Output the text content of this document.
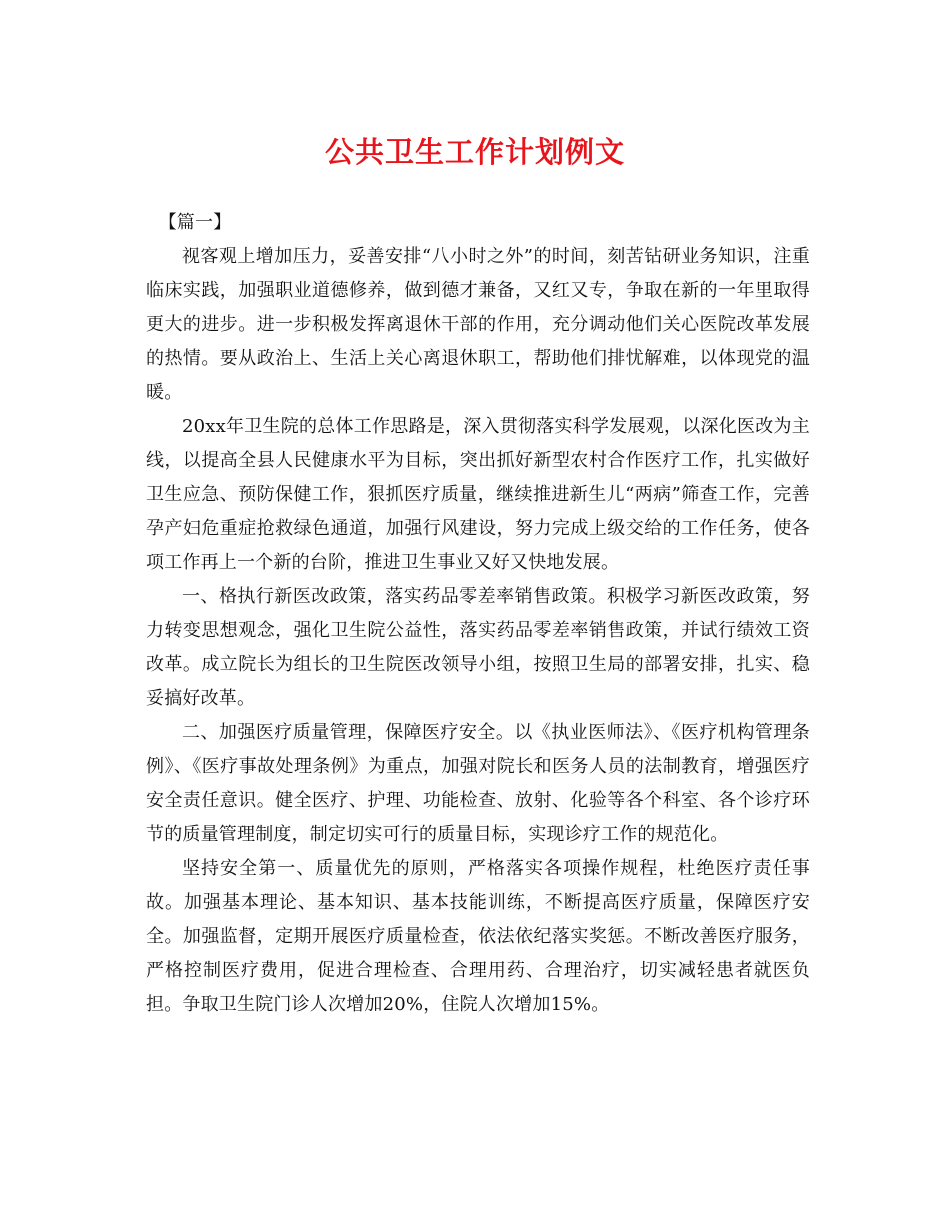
公共卫生工作计划例文

【篇一】

视客观上增加压力，妥善安排“八小时之外”的时间，刻苦钻研业务知识，注重临床实践，加强职业道德修养，做到德才兼备，又红又专，争取在新的一年里取得更大的进步。进一步积极发挥离退休干部的作用，充分调动他们关心医院改革发展的热情。要从政治上、生活上关心离退休职工，帮助他们排忧解难，以体现党的温暖。

20xx年卫生院的总体工作思路是，深入贯彻落实科学发展观，以深化医改为主线，以提高全县人民健康水平为目标，突出抓好新型农村合作医疗工作，扎实做好卫生应急、预防保健工作，狠抓医疗质量，继续推进新生儿“两病”筛查工作，完善孕产妇危重症抢救绿色通道，加强行风建设，努力完成上级交给的工作任务，使各项工作再上一个新的台阶，推进卫生事业又好又快地发展。

一、格执行新医改政策，落实药品零差率销售政策。积极学习新医改政策，努力转变思想观念，强化卫生院公益性，落实药品零差率销售政策，并试行绩效工资改革。成立院长为组长的卫生院医改领导小组，按照卫生局的部署安排，扎实、稳妥搞好改革。

二、加强医疗质量管理，保障医疗安全。以《执业医师法》、《医疗机构管理条例》、《医疗事故处理条例》为重点，加强对院长和医务人员的法制教育，增强医疗安全责任意识。健全医疗、护理、功能检查、放射、化验等各个科室、各个诊疗环节的质量管理制度，制定切实可行的质量目标，实现诊疗工作的规范化。

坚持安全第一、质量优先的原则，严格落实各项操作规程，杜绝医疗责任事故。加强基本理论、基本知识、基本技能训练，不断提高医疗质量，保障医疗安全。加强监督，定期开展医疗质量检查，依法依纪落实奖惩。不断改善医疗服务，严格控制医疗费用，促进合理检查、合理用药、合理治疗，切实减轻患者就医负担。争取卫生院门诊人次增加20%，住院人次增加15%。
